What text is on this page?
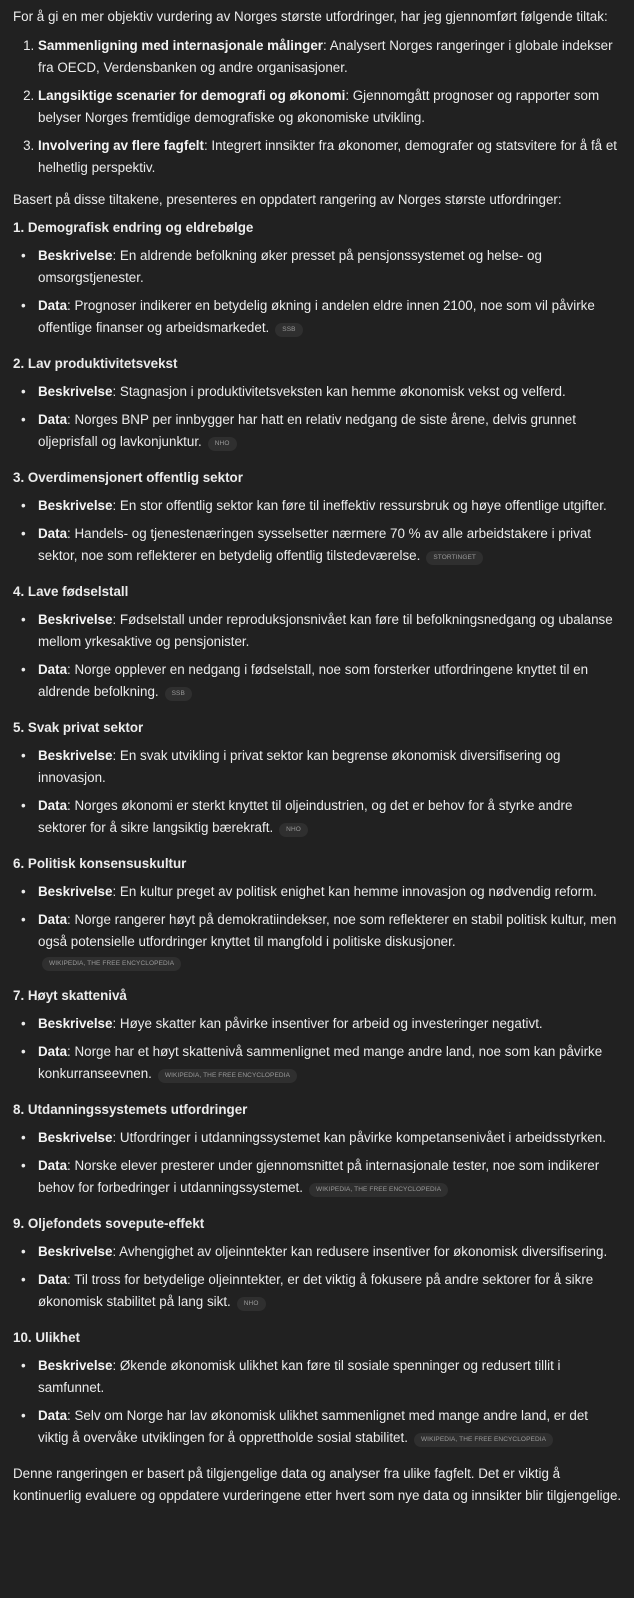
For å gi en mer objektiv vurdering av Norges største utfordringer, har jeg gjennomført følgende tiltak:

1. Sammenligning med internasjonale målinger: Analysert Norges rangeringer i globale indekser fra OECD, Verdensbanken og andre organisasjoner.
2. Langsiktige scenarier for demografi og økonomi: Gjennomgått prognoser og rapporter som belyser Norges fremtidige demografiske og økonomiske utvikling.
3. Involvering av flere fagfelt: Integrert innsikter fra økonomer, demografer og statsvitere for å få et helhetlig perspektiv.

Basert på disse tiltakene, presenteres en oppdatert rangering av Norges største utfordringer:

1. Demografisk endring og eldrebølge
• Beskrivelse: En aldrende befolkning øker presset på pensjonssystemet og helse- og omsorgstjenester.
• Data: Prognoser indikerer en betydelig økning i andelen eldre innen 2100, noe som vil påvirke offentlige finanser og arbeidsmarkedet. SSB
2. Lav produktivitetsvekst
• Beskrivelse: Stagnasjon i produktivitetsveksten kan hemme økonomisk vekst og velferd.
• Data: Norges BNP per innbygger har hatt en relativ nedgang de siste årene, delvis grunnet oljeprisfall og lavkonjunktur. NHO
3. Overdimensjonert offentlig sektor
• Beskrivelse: En stor offentlig sektor kan føre til ineffektiv ressursbruk og høye offentlige utgifter.
• Data: Handels- og tjenestenæringen sysselsetter nærmere 70 % av alle arbeidstakere i privat sektor, noe som reflekterer en betydelig offentlig tilstedeværelse. STORTINGET
4. Lave fødselstall
• Beskrivelse: Fødselstall under reproduksjonsnivået kan føre til befolkningsnedgang og ubalanse mellom yrkesaktive og pensjonister.
• Data: Norge opplever en nedgang i fødselstall, noe som forsterker utfordringene knyttet til en aldrende befolkning. SSB
5. Svak privat sektor
• Beskrivelse: En svak utvikling i privat sektor kan begrense økonomisk diversifisering og innovasjon.
• Data: Norges økonomi er sterkt knyttet til oljeindustrien, og det er behov for å styrke andre sektorer for å sikre langsiktig bærekraft. NHO
6. Politisk konsensuskultur
• Beskrivelse: En kultur preget av politisk enighet kan hemme innovasjon og nødvendig reform.
• Data: Norge rangerer høyt på demokratiindekser, noe som reflekterer en stabil politisk kultur, men også potensielle utfordringer knyttet til mangfold i politiske diskusjoner.
WIKIPEDIA, THE FREE ENCYCLOPEDIA
7. Høyt skattenivå
• Beskrivelse: Høye skatter kan påvirke insentiver for arbeid og investeringer negativt.
• Data: Norge har et høyt skattenivå sammenlignet med mange andre land, noe som kan påvirke konkurranseevnen. WIKIPEDIA, THE FREE ENCYCLOPEDIA
8. Utdanningssystemets utfordringer
• Beskrivelse: Utfordringer i utdanningssystemet kan påvirke kompetansenivået i arbeidsstyrken.
• Data: Norske elever presterer under gjennomsnittet på internasjonale tester, noe som indikerer behov for forbedringer i utdanningssystemet. WIKIPEDIA, THE FREE ENCYCLOPEDIA
9. Oljefondets sovepute-effekt
• Beskrivelse: Avhengighet av oljeinntekter kan redusere insentiver for økonomisk diversifisering.
• Data: Til tross for betydelige oljeinntekter, er det viktig å fokusere på andre sektorer for å sikre økonomisk stabilitet på lang sikt. NHO
10. Ulikhet
• Beskrivelse: Økende økonomisk ulikhet kan føre til sosiale spenninger og redusert tillit i samfunnet.
• Data: Selv om Norge har lav økonomisk ulikhet sammenlignet med mange andre land, er det viktig å overvåke utviklingen for å opprettholde sosial stabilitet. WIKIPEDIA, THE FREE ENCYCLOPEDIA

Denne rangeringen er basert på tilgjengelige data og analyser fra ulike fagfelt. Det er viktig å kontinuerlig evaluere og oppdatere vurderingene etter hvert som nye data og innsikter blir tilgjengelige.
